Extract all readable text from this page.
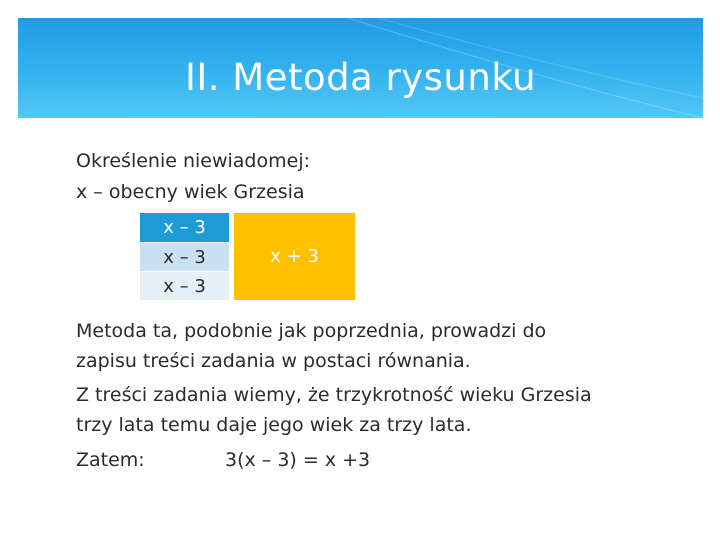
II. Metoda rysunku
Określenie niewiadomej:
x – obecny wiek Grzesia
x – 3
x – 3
x – 3
x + 3
Metoda ta, podobnie jak poprzednia, prowadzi do
zapisu treści zadania w postaci równania.
Z treści zadania wiemy, że trzykrotność wieku Grzesia
trzy lata temu daje jego wiek za trzy lata.
Zatem:	3(x – 3) = x +3
